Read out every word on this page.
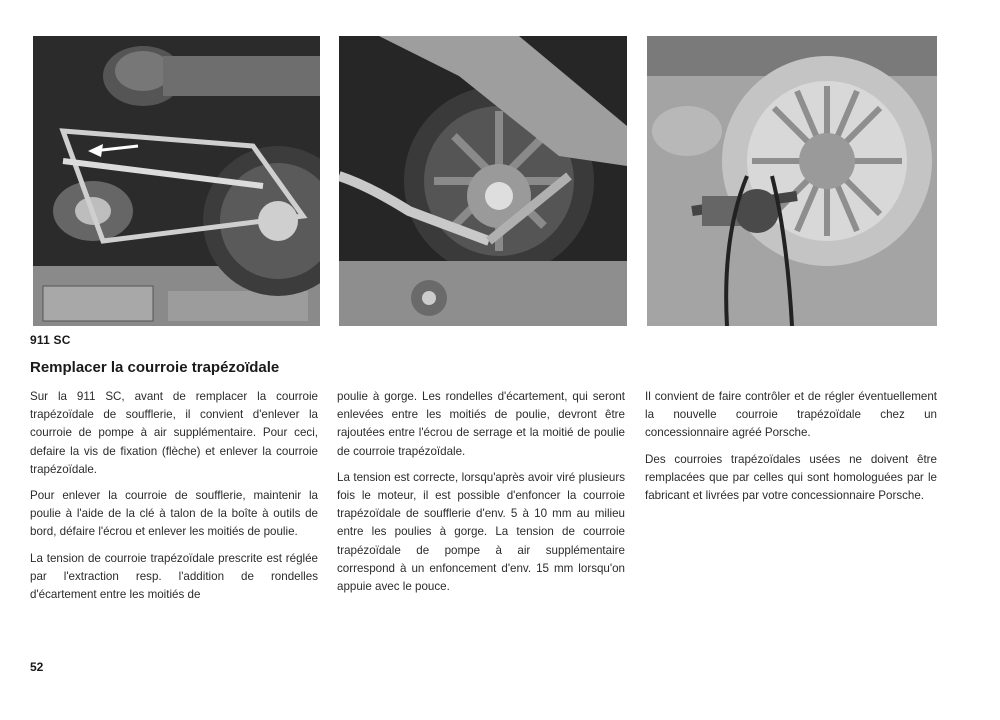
911 SC
Remplacer la courroie trapézoïdale

Sur la 911 SC, avant de remplacer la courroie trapézoïdale de soufflerie, il convient d'enlever la courroie de pompe à air supplémentaire. Pour ceci, defaire la vis de fixation (flèche) et enlever la courroie trapézoïdale.

Pour enlever la courroie de soufflerie, maintenir la poulie à l'aide de la clé à talon de la boîte à outils de bord, défaire l'écrou et enlever les moitiés de poulie.

La tension de courroie trapézoïdale prescrite est réglée par l'extraction resp. l'addition de rondelles d'écartement entre les moitiés de

poulie à gorge. Les rondelles d'écartement, qui seront enlevées entre les moitiés de poulie, devront être rajoutées entre l'écrou de serrage et la moitié de poulie de courroie trapézoïdale.

La tension est correcte, lorsqu'après avoir viré plusieurs fois le moteur, il est possible d'enfoncer la courroie trapézoïdale de soufflerie d'env. 5 à 10 mm au milieu entre les poulies à gorge. La tension de courroie trapézoïdale de pompe à air supplémentaire correspond à un enfoncement d'env. 15 mm lorsqu'on appuie avec le pouce.

Il convient de faire contrôler et de régler éventuellement la nouvelle courroie trapézoïdale chez un concessionnaire agréé Porsche.

Des courroies trapézoïdales usées ne doivent être remplacées que par celles qui sont homologuées par le fabricant et livrées par votre concessionnaire Porsche.

52
